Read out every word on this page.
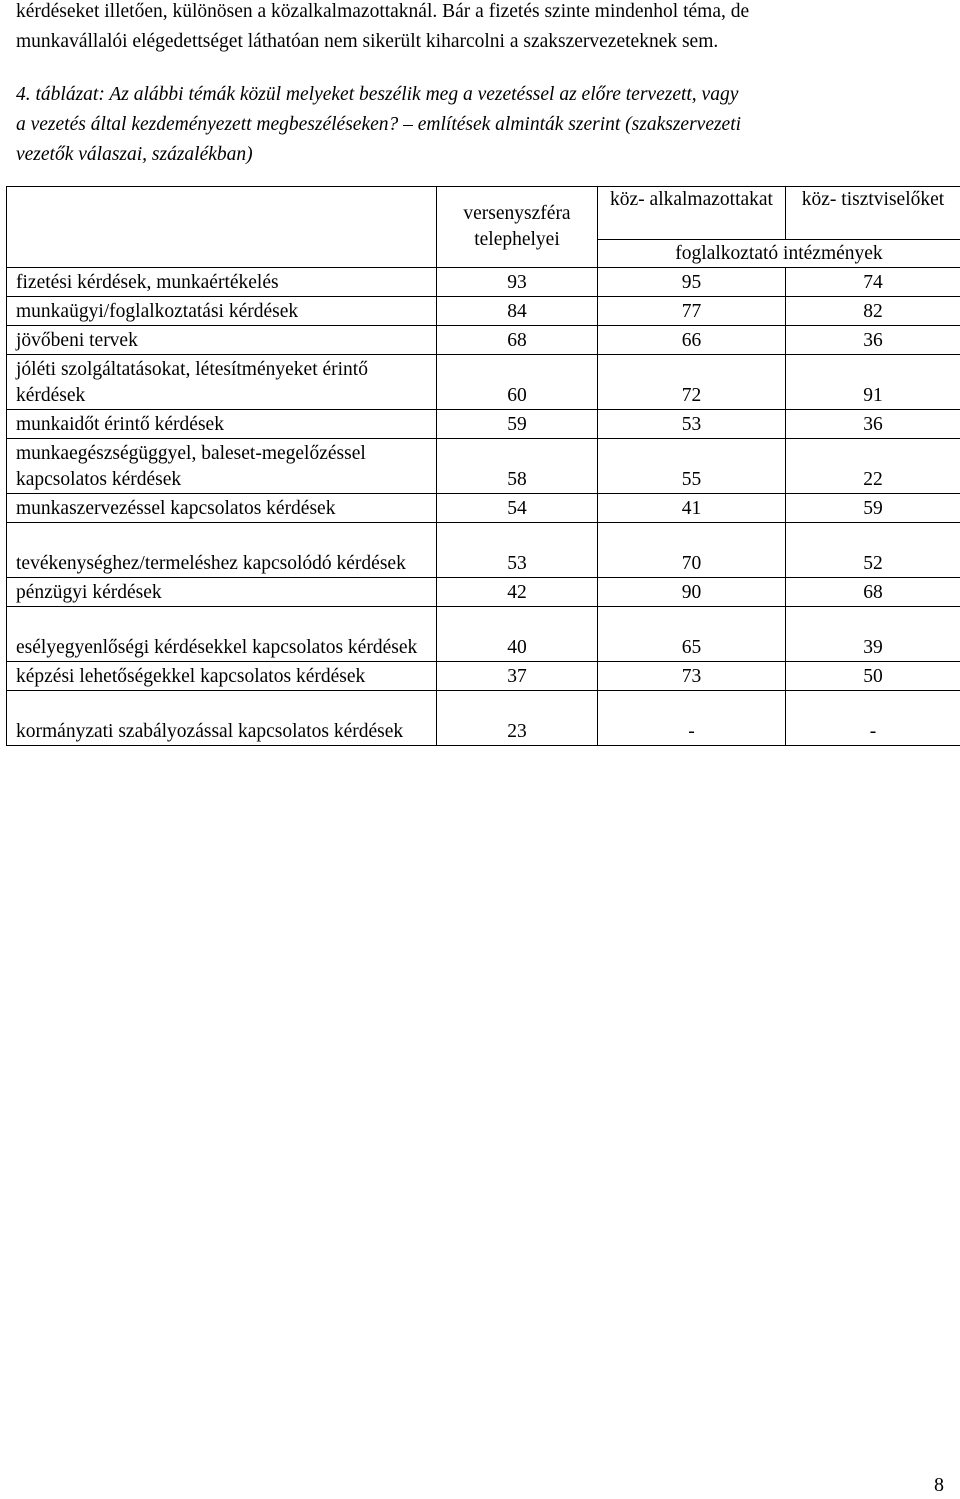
kérdéseket illetően, különösen a közalkalmazottaknál. Bár a fizetés szinte mindenhol téma, de
munkavállalói elégedettséget láthatóan nem sikerült kiharcolni a szakszervezeteknek sem.

4. táblázat: Az alábbi témák közül melyeket beszélik meg a vezetéssel az előre tervezett, vagy
a vezetés által kezdeményezett megbeszéléseken? – említések alminták szerint (szakszervezeti
vezetők válaszai, százalékban)

	versenyszféra telephelyei	köz- alkalmazottakat	köz- tisztviselőket
		foglalkoztató intézmények	
fizetési kérdések, munkaértékelés	93	95	74
munkaügyi/foglalkoztatási kérdések	84	77	82
jövőbeni tervek	68	66	36
jóléti szolgáltatásokat, létesítményeket érintő kérdések	60	72	91
munkaidőt érintő kérdések	59	53	36
munkaegészségüggyel, baleset-megelőzéssel kapcsolatos kérdések	58	55	22
munkaszervezéssel kapcsolatos kérdések	54	41	59
tevékenységhez/termeléshez kapcsolódó kérdések	53	70	52
pénzügyi kérdések	42	90	68
esélyegyenlőségi kérdésekkel kapcsolatos kérdések	40	65	39
képzési lehetőségekkel kapcsolatos kérdések	37	73	50
kormányzati szabályozással kapcsolatos kérdések	23	-	-
8
